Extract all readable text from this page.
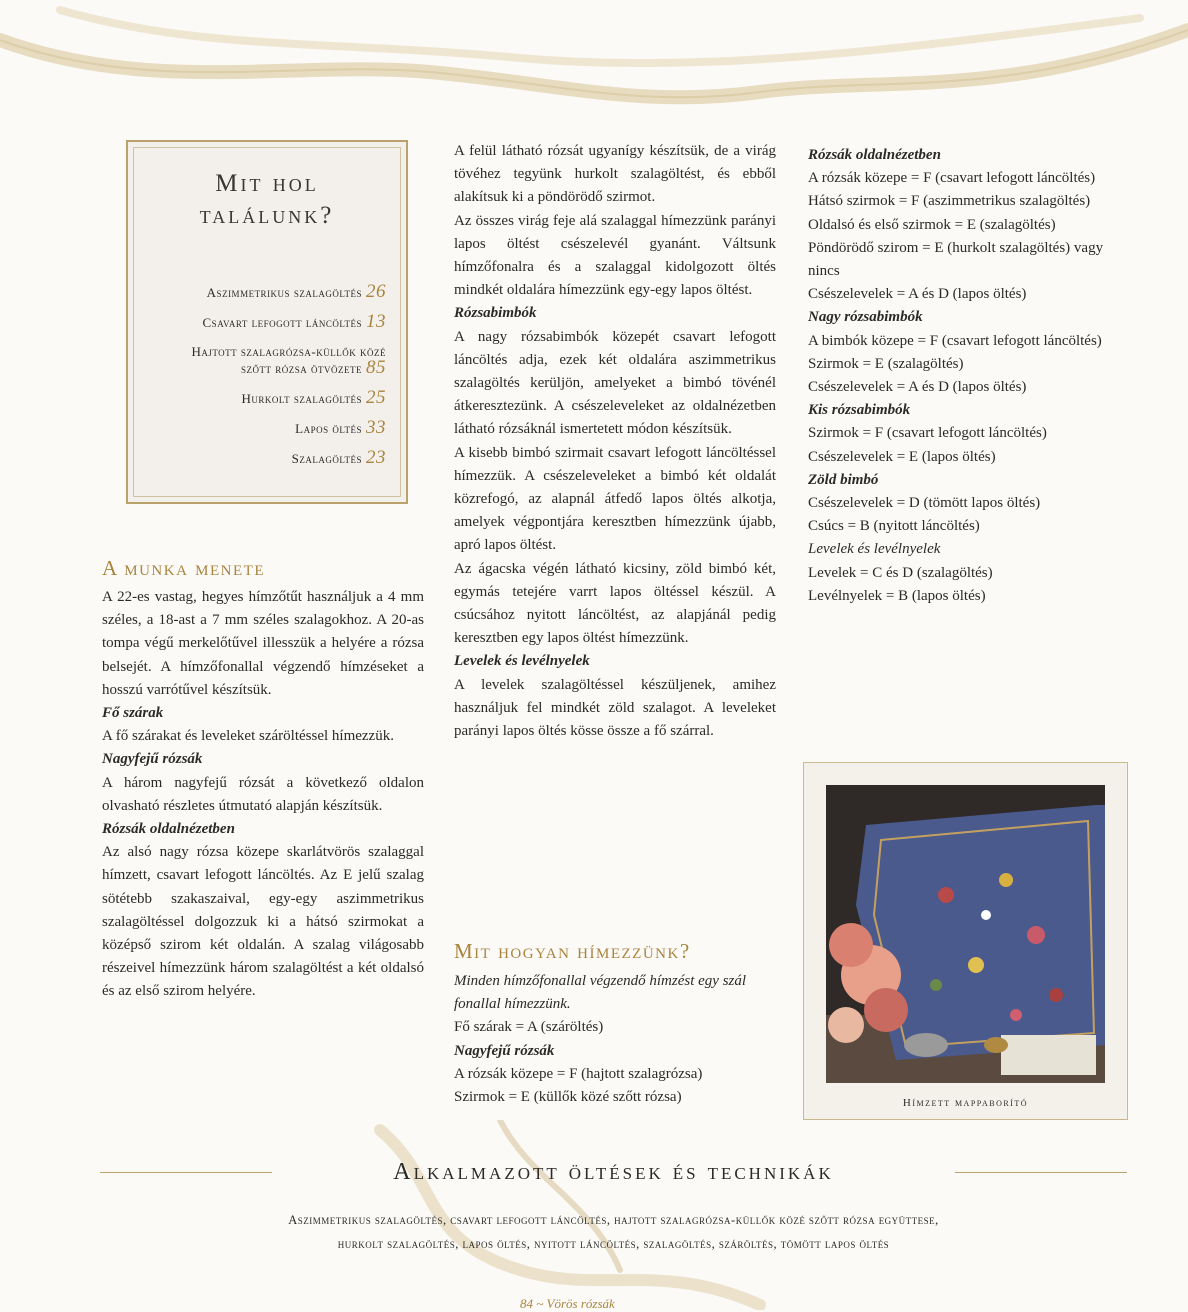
Mit hol
találunk?
Aszimmetrikus szalagöltés 26
Csavart lefogott láncöltés 13
Hajtott szalagrózsa-küllők közé
szőtt rózsa ötvözete 85
Hurkolt szalagöltés 25
Lapos öltés 33
Szalagöltés 23
A munka menete

A 22-es vastag, hegyes hímzőtűt használjuk a 4 mm széles, a 18-ast a 7 mm széles szalagokhoz. A 20-as tompa végű merkelőtűvel illesszük a helyére a rózsa belsejét. A hímzőfonallal végzendő hímzéseket a hosszú varrótűvel készítsük.

Fő szárak

A fő szárakat és leveleket száröltéssel hímezzük.

Nagyfejű rózsák

A három nagyfejű rózsát a következő oldalon olvasható részletes útmutató alapján készítsük.

Rózsák oldalnézetben

Az alsó nagy rózsa közepe skarlátvörös szalaggal hímzett, csavart lefogott láncöltés. Az E jelű szalag sötétebb szakaszaival, egy-egy aszimmetrikus szalagöltéssel dolgozzuk ki a hátsó szirmokat a középső szirom két oldalán. A szalag világosabb részeivel hímezzünk három szalagöltést a két oldalsó és az első szirom helyére.

A felül látható rózsát ugyanígy készítsük, de a virág tövéhez tegyünk hurkolt szalagöltést, és ebből alakítsuk ki a pöndörödő szirmot.

Az összes virág feje alá szalaggal hímezzünk parányi lapos öltést csészelevél gyanánt. Váltsunk hímzőfonalra és a szalaggal kidolgozott öltés mindkét oldalára hímezzünk egy-egy lapos öltést.

Rózsabimbók

A nagy rózsabimbók közepét csavart lefogott láncöltés adja, ezek két oldalára aszimmetrikus szalagöltés kerüljön, amelyeket a bimbó tövénél átkeresztezünk. A csészeleveleket az oldalnézetben látható rózsáknál ismertetett módon készítsük.

A kisebb bimbó szirmait csavart lefogott láncöltéssel hímezzük. A csészeleveleket a bimbó két oldalát közrefogó, az alapnál átfedő lapos öltés alkotja, amelyek végpontjára keresztben hímezzünk újabb, apró lapos öltést.

Az ágacska végén látható kicsiny, zöld bimbó két, egymás tetejére varrt lapos öltéssel készül. A csúcsához nyitott láncöltést, az alapjánál pedig keresztben egy lapos öltést hímezzünk.

Levelek és levélnyelek

A levelek szalagöltéssel készüljenek, amihez használjuk fel mindkét zöld szalagot. A leveleket parányi lapos öltés kösse össze a fő szárral.

Mit hogyan hímezzünk?

Minden hímzőfonallal végzendő hímzést egy szál fonallal hímezzünk.

Fő szárak = A (száröltés)

Nagyfejű rózsák

A rózsák közepe = F (hajtott szalagrózsa)

Szirmok = E (küllők közé szőtt rózsa)

Rózsák oldalnézetben

A rózsák közepe = F (csavart lefogott láncöltés)

Hátsó szirmok = F (aszimmetrikus szalagöltés)

Oldalsó és első szirmok = E (szalagöltés)

Pöndörödő szirom = E (hurkolt szalagöltés) vagy nincs

Csészelevelek = A és D (lapos öltés)

Nagy rózsabimbók

A bimbók közepe = F (csavart lefogott láncöltés)

Szirmok = E (szalagöltés)

Csészelevelek = A és D (lapos öltés)

Kis rózsabimbók

Szirmok = F (csavart lefogott láncöltés)

Csészelevelek = E (lapos öltés)

Zöld bimbó

Csészelevelek = D (tömött lapos öltés)

Csúcs = B (nyitott láncöltés)

Levelek és levélnyelek

Levelek = C és D (szalagöltés)

Levélnyelek = B (lapos öltés)

Hímzett mappaborító
Alkalmazott öltések és technikák
Aszimmetrikus szalagöltés, csavart lefogott láncöltés, hajtott szalagrózsa-küllők közé szőtt rózsa együttese,
hurkolt szalagöltés, lapos öltés, nyitott láncöltés, szalagöltés, száröltés, tömött lapos öltés
84 ~ Vörös rózsák
